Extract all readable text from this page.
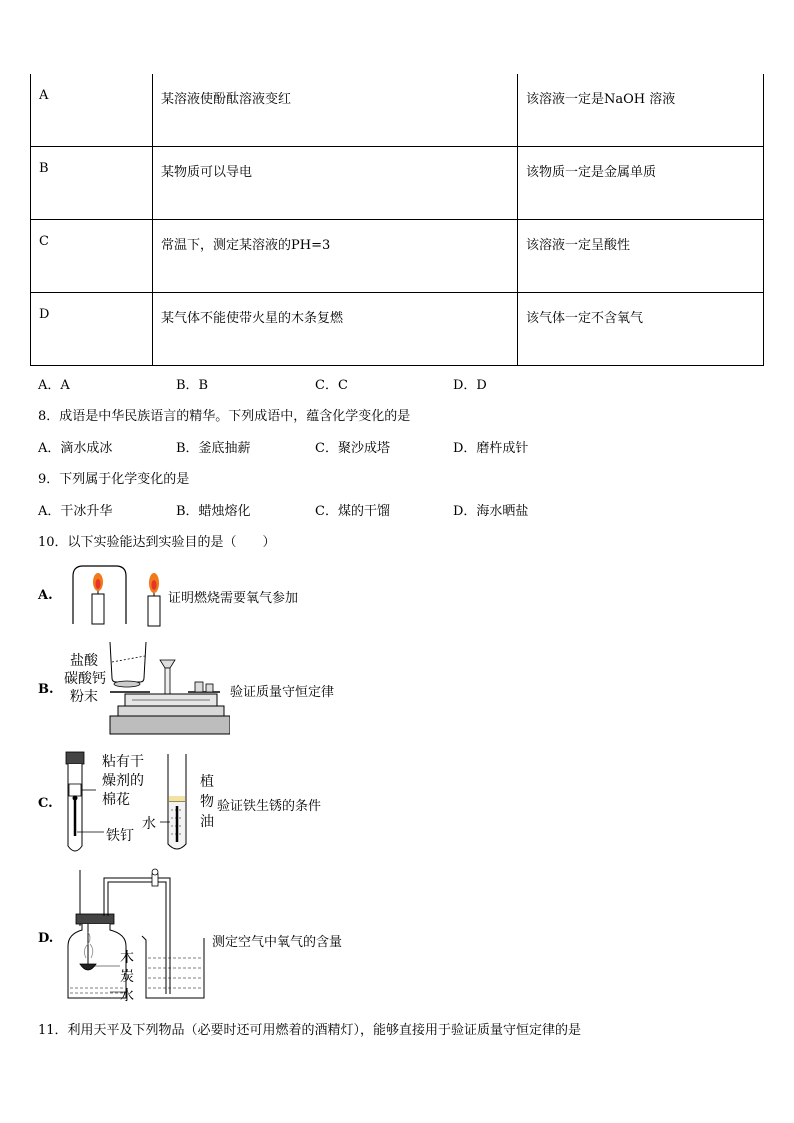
A	某溶液使酚酞溶液变红	该溶液一定是NaOH 溶液
B	某物质可以导电	该物质一定是金属单质
C	常温下，测定某溶液的PH=3	该溶液一定呈酸性
D	某气体不能使带火星的木条复燃	该气体一定不含氧气
A．A	B．B	C．C	D．D
8．成语是中华民族语言的精华。下列成语中，蕴含化学变化的是
A．滴水成冰	B．釜底抽薪	C．聚沙成塔	D．磨杵成针
9．下列属于化学变化的是
A．干冰升华	B．蜡烛熔化	C．煤的干馏	D．海水晒盐
10．以下实验能达到实验目的是（　　）
A.	证明燃烧需要氧气参加
B.
盐酸
碳酸钙
粉末	验证质量守恒定律
C.
粘有干
燥剂的
棉花
铁钉
水
植
物
油
验证铁生锈的条件
D.
木
炭
水
测定空气中氧气的含量
11．利用天平及下列物品（必要时还可用燃着的酒精灯），能够直接用于验证质量守恒定律的是
